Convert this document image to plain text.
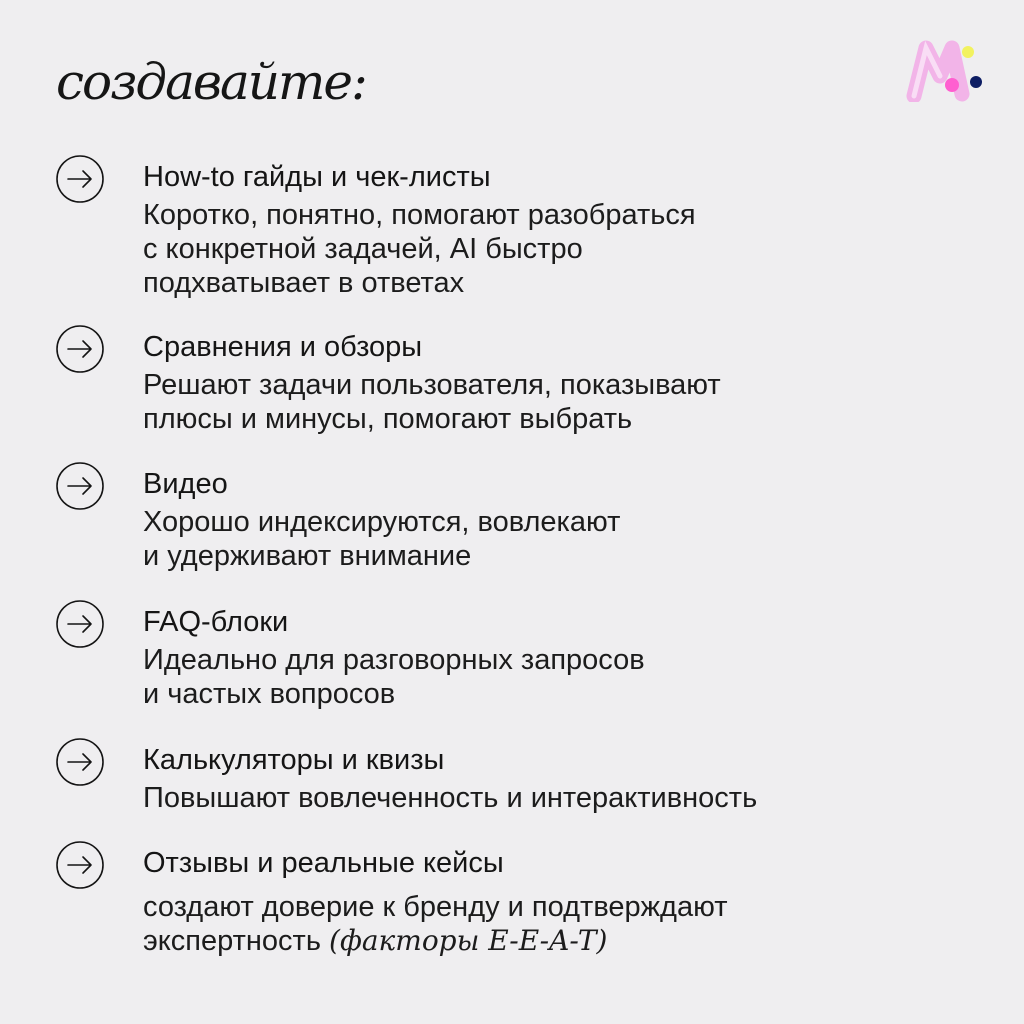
создавайте:
How-to гайды и чек-листы
Коротко, понятно, помогают разобраться
с конкретной задачей, AI быстро
подхватывает в ответах
Сравнения и обзоры
Решают задачи пользователя, показывают
плюсы и минусы, помогают выбрать
Видео
Хорошо индексируются, вовлекают
и удерживают внимание
FAQ-блоки
Идеально для разговорных запросов
и частых вопросов
Калькуляторы и квизы
Повышают вовлеченность и интерактивность
Отзывы и реальные кейсы
создают доверие к бренду и подтверждают
экспертность (факторы E-E-A-T)
